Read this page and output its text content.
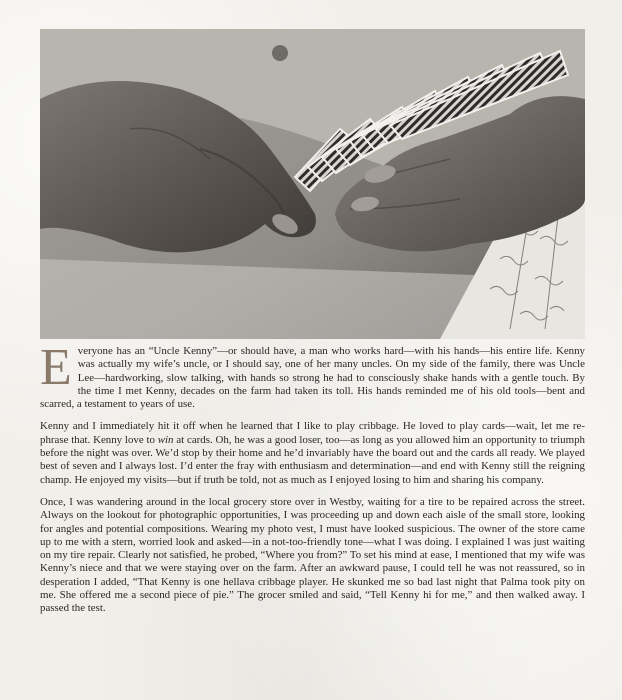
Everyone has an “Uncle Kenny”—or should have, a man who works hard—with his hands—his entire life. Kenny was actually my wife’s uncle, or I should say, one of her many uncles. On my side of the family, there was Uncle Lee—hardworking, slow talking, with hands so strong he had to consciously shake hands with a gentle touch. By the time I met Kenny, decades on the farm had taken its toll. His hands reminded me of his old tools—bent and scarred, a testament to years of use.

Kenny and I immediately hit it off when he learned that I like to play cribbage. He loved to play cards—wait, let me re-phrase that. Kenny love to win at cards. Oh, he was a good loser, too—as long as you allowed him an opportunity to triumph before the night was over. We’d stop by their home and he’d invariably have the board out and the cards all ready. We played best of seven and I always lost. I’d enter the fray with enthusiasm and determination—and end with Kenny still the reigning champ. He enjoyed my visits—but if truth be told, not as much as I enjoyed losing to him and sharing his company.

Once, I was wandering around in the local grocery store over in Westby, waiting for a tire to be repaired across the street. Always on the lookout for photographic opportunities, I was proceeding up and down each aisle of the small store, looking for angles and potential compositions. Wearing my photo vest, I must have looked suspicious. The owner of the store came up to me with a stern, worried look and asked—in a not-too-friendly tone—what I was doing. I explained I was just waiting on my tire repair. Clearly not satisfied, he probed, “Where you from?” To set his mind at ease, I mentioned that my wife was Kenny’s niece and that we were staying over on the farm. After an awkward pause, I could tell he was not reassured, so in desperation I added, “That Kenny is one hellava cribbage player. He skunked me so bad last night that Palma took pity on me. She offered me a second piece of pie.” The grocer smiled and said, “Tell Kenny hi for me,” and then walked away. I passed the test.
